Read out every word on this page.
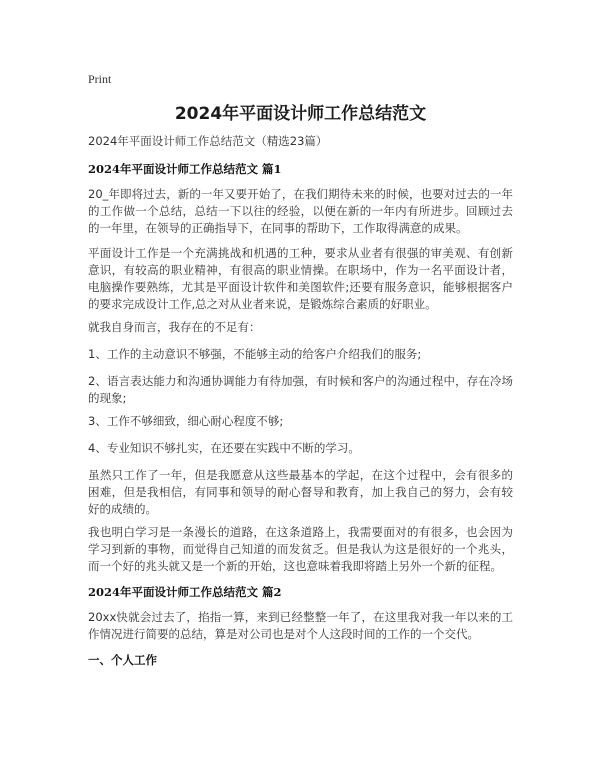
Print
2024年平面设计师工作总结范文
2024年平面设计师工作总结范文（精选23篇）
2024年平面设计师工作总结范文 篇1
20_年即将过去，新的一年又要开始了，在我们期待未来的时候，也要对过去的一年的工作做一个总结，总结一下以往的经验，以便在新的一年内有所进步。回顾过去的一年里，在领导的正确指导下，在同事的帮助下，工作取得满意的成果。
平面设计工作是一个充满挑战和机遇的工种，要求从业者有很强的审美观、有创新意识，有较高的职业精神，有很高的职业情操。在职场中，作为一名平面设计者，电脑操作要熟练，尤其是平面设计软件和美图软件;还要有服务意识，能够根据客户的要求完成设计工作,总之对从业者来说，是锻炼综合素质的好职业。
就我自身而言，我存在的不足有：
1、工作的主动意识不够强，不能够主动的给客户介绍我们的服务;
2、语言表达能力和沟通协调能力有待加强，有时候和客户的沟通过程中，存在冷场的现象;
3、工作不够细致，细心耐心程度不够;
4、专业知识不够扎实，在还要在实践中不断的学习。
虽然只工作了一年，但是我愿意从这些最基本的学起，在这个过程中，会有很多的困难，但是我相信，有同事和领导的耐心督导和教育，加上我自己的努力，会有较好的成绩的。
我也明白学习是一条漫长的道路，在这条道路上，我需要面对的有很多，也会因为学习到新的事物，而觉得自己知道的而发贫乏。但是我认为这是很好的一个兆头，而一个好的兆头就又是一个新的开始，这也意味着我即将踏上另外一个新的征程。
2024年平面设计师工作总结范文 篇2
20xx快就会过去了，掐指一算，来到已经整整一年了，在这里我对我一年以来的工作情况进行简要的总结，算是对公司也是对个人这段时间的工作的一个交代。
一、个人工作
